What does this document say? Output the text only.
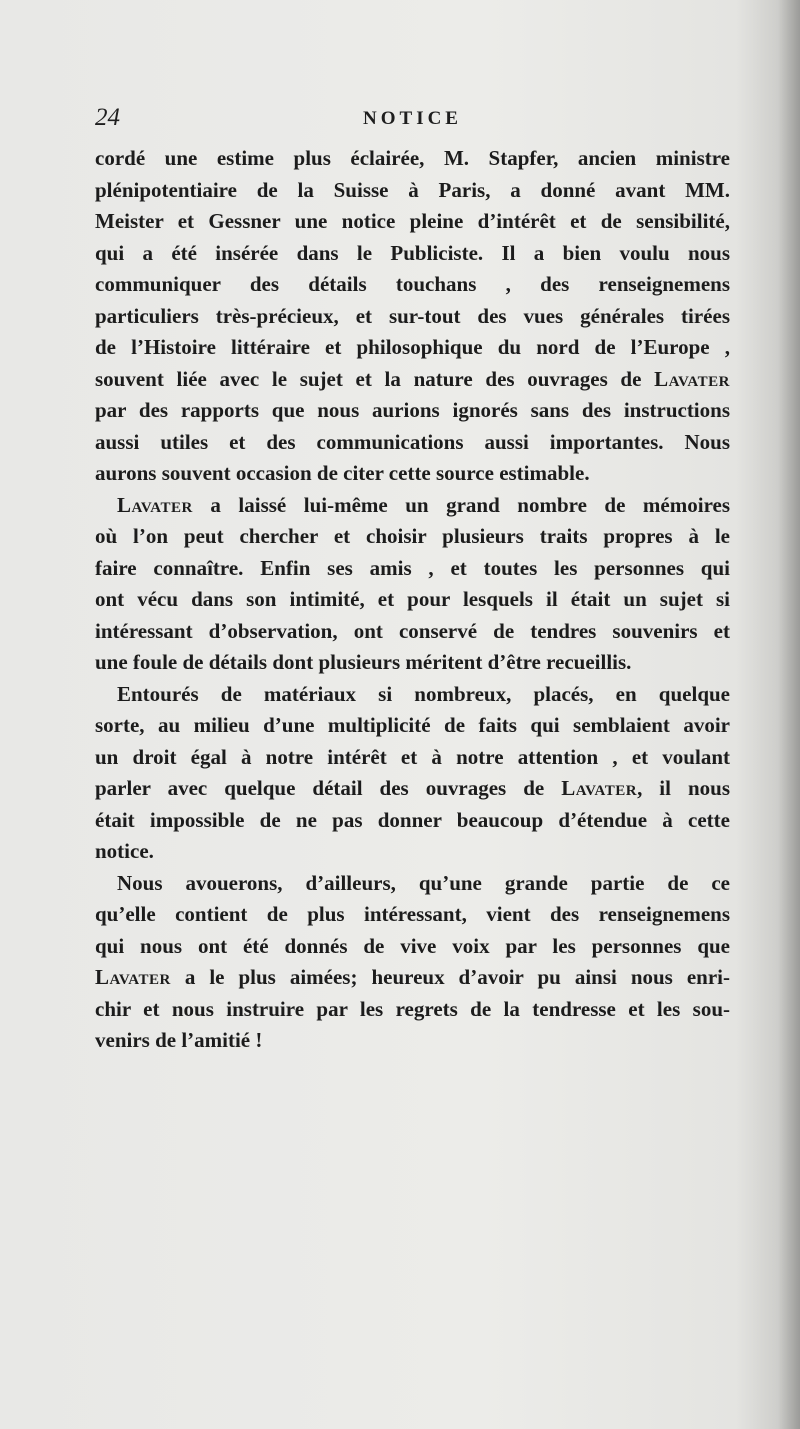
24	NOTICE

cordé une estime plus éclairée, M. Stapfer, ancien ministre
plénipotentiaire de la Suisse à Paris, a donné avant MM.
Meister et Gessner une notice pleine d’intérêt et de sensibilité,
qui a été insérée dans le Publiciste. Il a bien voulu nous
communiquer des détails touchans , des renseignemens
particuliers très-précieux, et sur-tout des vues générales tirées
de l’Histoire littéraire et philosophique du nord de l’Europe ,
souvent liée avec le sujet et la nature des ouvrages de Lavater
par des rapports que nous aurions ignorés sans des instructions
aussi utiles et des communications aussi importantes. Nous
aurons souvent occasion de citer cette source estimable.

Lavater a laissé lui-même un grand nombre de mémoires
où l’on peut chercher et choisir plusieurs traits propres à le
faire connaître. Enfin ses amis , et toutes les personnes qui
ont vécu dans son intimité, et pour lesquels il était un sujet si
intéressant d’observation, ont conservé de tendres souvenirs et
une foule de détails dont plusieurs méritent d’être recueillis.

Entourés de matériaux si nombreux, placés, en quelque
sorte, au milieu d’une multiplicité de faits qui semblaient avoir
un droit égal à notre intérêt et à notre attention , et voulant
parler avec quelque détail des ouvrages de Lavater, il nous
était impossible de ne pas donner beaucoup d’étendue à cette
notice.

Nous avouerons, d’ailleurs, qu’une grande partie de ce
qu’elle contient de plus intéressant, vient des renseignemens
qui nous ont été donnés de vive voix par les personnes que
Lavater a le plus aimées; heureux d’avoir pu ainsi nous enri-
chir et nous instruire par les regrets de la tendresse et les sou-
venirs de l’amitié !
